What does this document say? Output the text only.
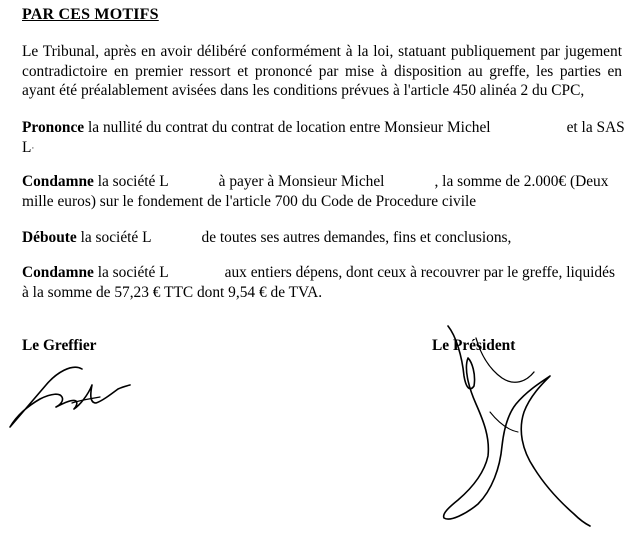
PAR CES MOTIFS

Le Tribunal, après en avoir délibéré conformément à la loi, statuant publiquement par jugement
contradictoire en premier ressort et prononcé par mise à disposition au greffe, les parties en
ayant été préalablement avisées dans les conditions prévues à l'article 450 alinéa 2 du CPC,

Prononce la nullité du contrat du contrat de location entre Monsieur Michel	et la SAS
L·

Condamne la société L	à payer à Monsieur Michel	, la somme de 2.000€ (Deux
mille euros) sur le fondement de l'article 700 du Code de Procedure civile

Déboute la société L	de toutes ses autres demandes, fins et conclusions,

Condamne la société L	aux entiers dépens, dont ceux à recouvrer par le greffe, liquidés
à la somme de 57,23 € TTC dont 9,54 € de TVA.

Le Greffier	Le Président
